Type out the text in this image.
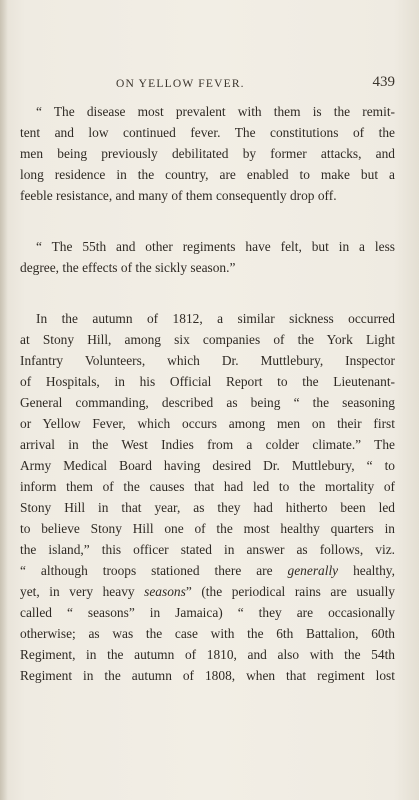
ON YELLOW FEVER.	439
“ The disease most prevalent with them is the remit-
tent and low continued fever. The constitutions of the
men being previously debilitated by former attacks, and
long residence in the country, are enabled to make but a
feeble resistance, and many of them consequently drop off.
“ The 55th and other regiments have felt, but in a less
degree, the effects of the sickly season.”
In the autumn of 1812, a similar sickness occurred
at Stony Hill, among six companies of the York Light
Infantry Volunteers, which Dr. Muttlebury, Inspector
of Hospitals, in his Official Report to the Lieutenant-
General commanding, described as being “ the seasoning
or Yellow Fever, which occurs among men on their first
arrival in the West Indies from a colder climate.” The
Army Medical Board having desired Dr. Muttlebury, “ to
inform them of the causes that had led to the mortality of
Stony Hill in that year, as they had hitherto been led
to believe Stony Hill one of the most healthy quarters in
the island,” this officer stated in answer as follows, viz.
“ although troops stationed there are generally healthy,
yet, in very heavy seasons” (the periodical rains are usually
called “ seasons” in Jamaica) “ they are occasionally
otherwise; as was the case with the 6th Battalion, 60th
Regiment, in the autumn of 1810, and also with the 54th
Regiment in the autumn of 1808, when that regiment lost
